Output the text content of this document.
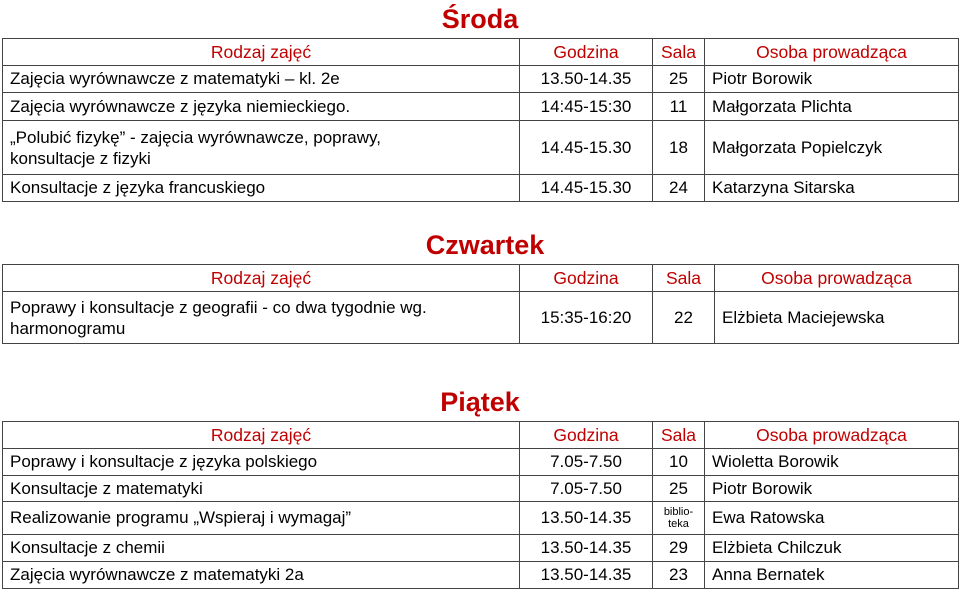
Środa
Rodzaj zajęć	Godzina	Sala	Osoba prowadząca
Zajęcia wyrównawcze z matematyki – kl. 2e	13.50-14.35	25	Piotr Borowik
Zajęcia wyrównawcze z języka niemieckiego.	14:45-15:30	11	Małgorzata Plichta
„Polubić fizykę” - zajęcia wyrównawcze, poprawy, konsultacje z fizyki	14.45-15.30	18	Małgorzata Popielczyk
Konsultacje z języka francuskiego	14.45-15.30	24	Katarzyna Sitarska
Czwartek
Rodzaj zajęć	Godzina	Sala	Osoba prowadząca
Poprawy i konsultacje z geografii - co dwa tygodnie wg. harmonogramu	15:35-16:20	22	Elżbieta Maciejewska
Piątek
Rodzaj zajęć	Godzina	Sala	Osoba prowadząca
Poprawy i konsultacje z języka polskiego	7.05-7.50	10	Wioletta Borowik
Konsultacje z matematyki	7.05-7.50	25	Piotr Borowik
Realizowanie programu „Wspieraj i wymagaj”	13.50-14.35	biblio-teka	Ewa Ratowska
Konsultacje z chemii	13.50-14.35	29	Elżbieta Chilczuk
Zajęcia wyrównawcze z matematyki 2a	13.50-14.35	23	Anna Bernatek
